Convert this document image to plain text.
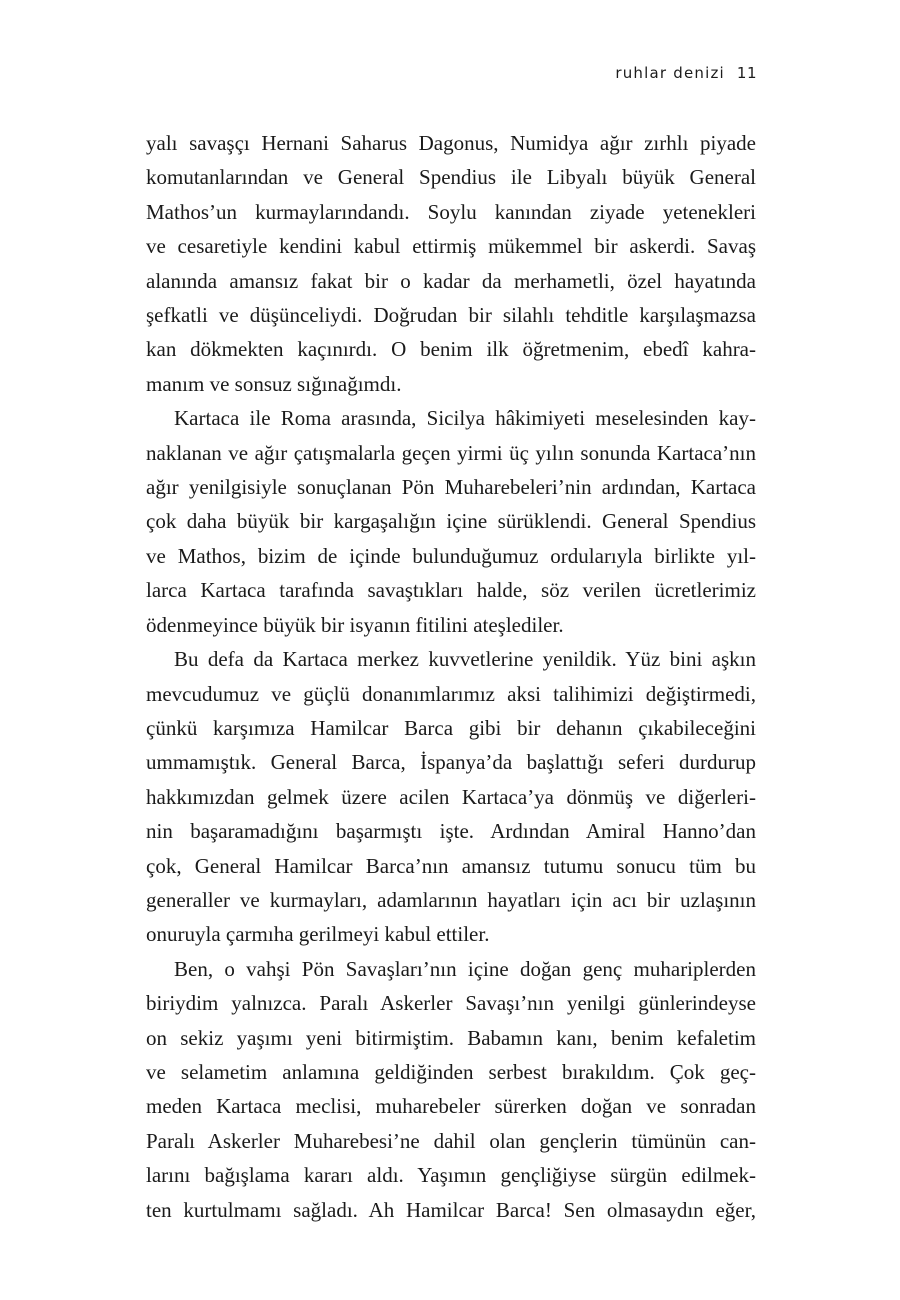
ruhlar denizi 11

yalı savaşçı Hernani Saharus Dagonus, Numidya ağır zırhlı piyade
komutanlarından ve General Spendius ile Libyalı büyük General
Mathos’un kurmaylarındandı. Soylu kanından ziyade yetenekleri
ve cesaretiyle kendini kabul ettirmiş mükemmel bir askerdi. Savaş
alanında amansız fakat bir o kadar da merhametli, özel hayatında
şefkatli ve düşünceliydi. Doğrudan bir silahlı tehditle karşılaşmazsa
kan dökmekten kaçınırdı. O benim ilk öğretmenim, ebedî kahra-
manım ve sonsuz sığınağımdı.

Kartaca ile Roma arasında, Sicilya hâkimiyeti meselesinden kay-
naklanan ve ağır çatışmalarla geçen yirmi üç yılın sonunda Kartaca’nın
ağır yenilgisiyle sonuçlanan Pön Muharebeleri’nin ardından, Kartaca
çok daha büyük bir kargaşalığın içine sürüklendi. General Spendius
ve Mathos, bizim de içinde bulunduğumuz ordularıyla birlikte yıl-
larca Kartaca tarafında savaştıkları halde, söz verilen ücretlerimiz
ödenmeyince büyük bir isyanın fitilini ateşlediler.

Bu defa da Kartaca merkez kuvvetlerine yenildik. Yüz bini aşkın
mevcudumuz ve güçlü donanımlarımız aksi talihimizi değiştirmedi,
çünkü karşımıza Hamilcar Barca gibi bir dehanın çıkabileceğini
ummamıştık. General Barca, İspanya’da başlattığı seferi durdurup
hakkımızdan gelmek üzere acilen Kartaca’ya dönmüş ve diğerleri-
nin başaramadığını başarmıştı işte. Ardından Amiral Hanno’dan
çok, General Hamilcar Barca’nın amansız tutumu sonucu tüm bu
generaller ve kurmayları, adamlarının hayatları için acı bir uzlaşının
onuruyla çarmıha gerilmeyi kabul ettiler.

Ben, o vahşi Pön Savaşları’nın içine doğan genç muhariplerden
biriydim yalnızca. Paralı Askerler Savaşı’nın yenilgi günlerindeyse
on sekiz yaşımı yeni bitirmiştim. Babamın kanı, benim kefaletim
ve selametim anlamına geldiğinden serbest bırakıldım. Çok geç-
meden Kartaca meclisi, muharebeler sürerken doğan ve sonradan
Paralı Askerler Muharebesi’ne dahil olan gençlerin tümünün can-
larını bağışlama kararı aldı. Yaşımın gençliğiyse sürgün edilmek-
ten kurtulmamı sağladı. Ah Hamilcar Barca! Sen olmasaydın eğer,
